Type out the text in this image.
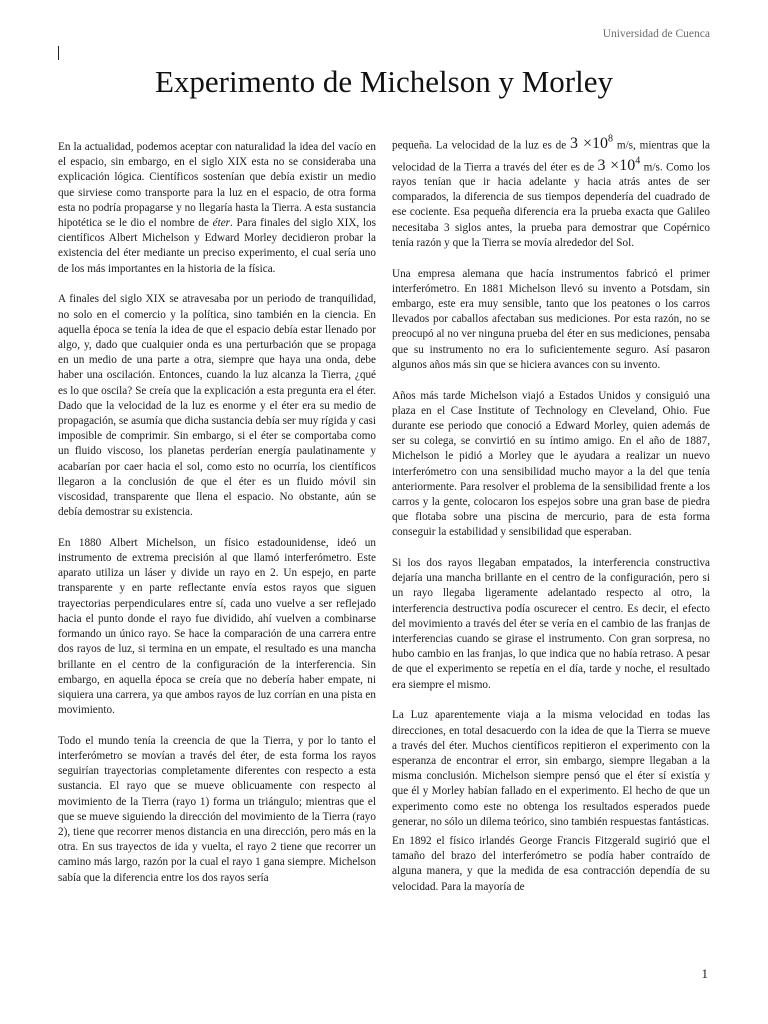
Universidad de Cuenca
Experimento de Michelson y Morley

En la actualidad, podemos aceptar con naturalidad la idea del vacío en el espacio, sin embargo, en el siglo XIX esta no se consideraba una explicación lógica. Científicos sostenían que debía existir un medio que sirviese como transporte para la luz en el espacio, de otra forma esta no podría propagarse y no llegaría hasta la Tierra. A esta sustancia hipotética se le dio el nombre de éter. Para finales del siglo XIX, los científicos Albert Michelson y Edward Morley decidieron probar la existencia del éter mediante un preciso experimento, el cual sería uno de los más importantes en la historia de la física.

A finales del siglo XIX se atravesaba por un periodo de tranquilidad, no solo en el comercio y la política, sino también en la ciencia. En aquella época se tenía la idea de que el espacio debía estar llenado por algo, y, dado que cualquier onda es una perturbación que se propaga en un medio de una parte a otra, siempre que haya una onda, debe haber una oscilación. Entonces, cuando la luz alcanza la Tierra, ¿qué es lo que oscila? Se creía que la explicación a esta pregunta era el éter. Dado que la velocidad de la luz es enorme y el éter era su medio de propagación, se asumía que dicha sustancia debía ser muy rígida y casi imposible de comprimir. Sin embargo, si el éter se comportaba como un fluido viscoso, los planetas perderían energía paulatinamente y acabarían por caer hacia el sol, como esto no ocurría, los científicos llegaron a la conclusión de que el éter es un fluido móvil sin viscosidad, transparente que llena el espacio. No obstante, aún se debía demostrar su existencia.

En 1880 Albert Michelson, un físico estadounidense, ideó un instrumento de extrema precisión al que llamó interferómetro. Este aparato utiliza un láser y divide un rayo en 2. Un espejo, en parte transparente y en parte reflectante envía estos rayos que siguen trayectorias perpendiculares entre sí, cada uno vuelve a ser reflejado hacia el punto donde el rayo fue dividido, ahí vuelven a combinarse formando un único rayo. Se hace la comparación de una carrera entre dos rayos de luz, si termina en un empate, el resultado es una mancha brillante en el centro de la configuración de la interferencia. Sin embargo, en aquella época se creía que no debería haber empate, ni siquiera una carrera, ya que ambos rayos de luz corrían en una pista en movimiento.

Todo el mundo tenía la creencia de que la Tierra, y por lo tanto el interferómetro se movían a través del éter, de esta forma los rayos seguirían trayectorias completamente diferentes con respecto a esta sustancia. El rayo que se mueve oblicuamente con respecto al movimiento de la Tierra (rayo 1) forma un triángulo; mientras que el que se mueve siguiendo la dirección del movimiento de la Tierra (rayo 2), tiene que recorrer menos distancia en una dirección, pero más en la otra. En sus trayectos de ida y vuelta, el rayo 2 tiene que recorrer un camino más largo, razón por la cual el rayo 1 gana siempre. Michelson sabía que la diferencia entre los dos rayos sería

pequeña. La velocidad de la luz es de $3 \times 10^8$ m/s, mientras que la velocidad de la Tierra a través del éter es de $3 \times 10^4$ m/s. Como los rayos tenían que ir hacia adelante y hacia atrás antes de ser comparados, la diferencia de sus tiempos dependería del cuadrado de ese cociente. Esa pequeña diferencia era la prueba exacta que Galileo necesitaba 3 siglos antes, la prueba para demostrar que Copérnico tenía razón y que la Tierra se movía alrededor del Sol.

Una empresa alemana que hacía instrumentos fabricó el primer interferómetro. En 1881 Michelson llevó su invento a Potsdam, sin embargo, este era muy sensible, tanto que los peatones o los carros llevados por caballos afectaban sus mediciones. Por esta razón, no se preocupó al no ver ninguna prueba del éter en sus mediciones, pensaba que su instrumento no era lo suficientemente seguro. Así pasaron algunos años más sin que se hiciera avances con su invento.

Años más tarde Michelson viajó a Estados Unidos y consiguió una plaza en el Case Institute of Technology en Cleveland, Ohio. Fue durante ese periodo que conoció a Edward Morley, quien además de ser su colega, se convirtió en su íntimo amigo. En el año de 1887, Michelson le pidió a Morley que le ayudara a realizar un nuevo interferómetro con una sensibilidad mucho mayor a la del que tenía anteriormente. Para resolver el problema de la sensibilidad frente a los carros y la gente, colocaron los espejos sobre una gran base de piedra que flotaba sobre una piscina de mercurio, para de esta forma conseguir la estabilidad y sensibilidad que esperaban.

Si los dos rayos llegaban empatados, la interferencia constructiva dejaría una mancha brillante en el centro de la configuración, pero si un rayo llegaba ligeramente adelantado respecto al otro, la interferencia destructiva podía oscurecer el centro. Es decir, el efecto del movimiento a través del éter se vería en el cambio de las franjas de interferencias cuando se girase el instrumento. Con gran sorpresa, no hubo cambio en las franjas, lo que indica que no había retraso. A pesar de que el experimento se repetía en el día, tarde y noche, el resultado era siempre el mismo.

La Luz aparentemente viaja a la misma velocidad en todas las direcciones, en total desacuerdo con la idea de que la Tierra se mueve a través del éter. Muchos científicos repitieron el experimento con la esperanza de encontrar el error, sin embargo, siempre llegaban a la misma conclusión. Michelson siempre pensó que el éter sí existía y que él y Morley habían fallado en el experimento. El hecho de que un experimento como este no obtenga los resultados esperados puede generar, no sólo un dilema teórico, sino también respuestas fantásticas.

En 1892 el físico irlandés George Francis Fitzgerald sugirió que el tamaño del brazo del interferómetro se podía haber contraído de alguna manera, y que la medida de esa contracción dependía de su velocidad. Para la mayoría de

1
